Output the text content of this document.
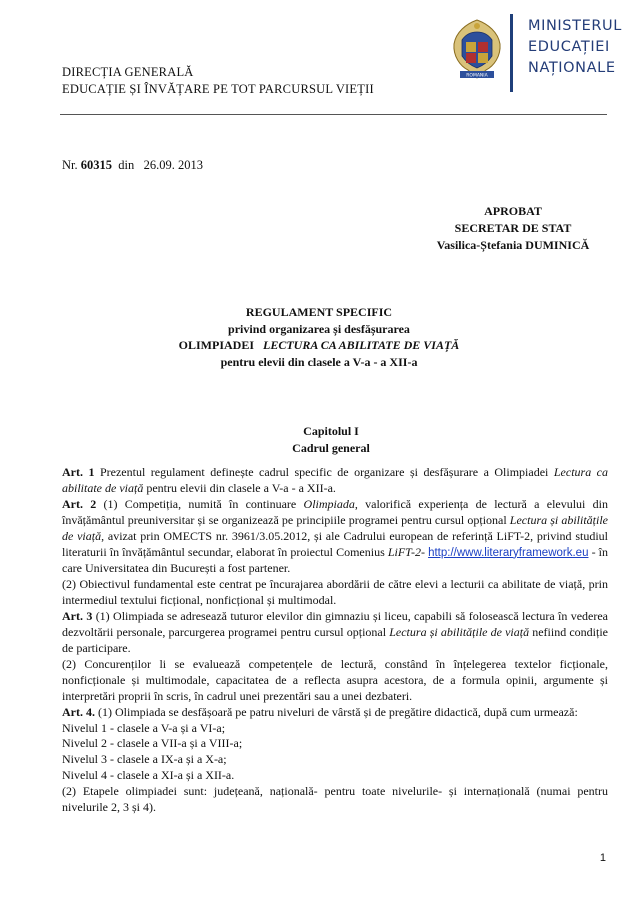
DIRECȚIA GENERALĂ
EDUCAȚIE ȘI ÎNVĂȚARE PE TOT PARCURSUL VIEȚII
ROMANIA
MINISTERUL
EDUCAȚIEI
NAȚIONALE
Nr. 60315 din 26.09. 2013
APROBAT
SECRETAR DE STAT
Vasilica-Ștefania DUMINICĂ
REGULAMENT SPECIFIC
privind organizarea și desfășurarea
OLIMPIADEI LECTURA CA ABILITATE DE VIAȚĂ
pentru elevii din clasele a V-a - a XII-a
Capitolul I
Cadrul general

Art. 1 Prezentul regulament definește cadrul specific de organizare și desfășurare a Olimpiadei Lectura ca abilitate de viață pentru elevii din clasele a V-a - a XII-a.

Art. 2 (1) Competiția, numită în continuare Olimpiada, valorifică experiența de lectură a elevului din învățământul preuniversitar și se organizează pe principiile programei pentru cursul opțional Lectura și abilitățile de viață, avizat prin OMECTS nr. 3961/3.05.2012, și ale Cadrului european de referință LiFT-2, privind studiul literaturii în învățământul secundar, elaborat în proiectul Comenius LiFT-2- http://www.literaryframework.eu - în care Universitatea din București a fost partener.

(2) Obiectivul fundamental este centrat pe încurajarea abordării de către elevi a lecturii ca abilitate de viață, prin intermediul textului ficțional, nonficțional și multimodal.

Art. 3 (1) Olimpiada se adresează tuturor elevilor din gimnaziu și liceu, capabili să folosească lectura în vederea dezvoltării personale, parcurgerea programei pentru cursul opțional Lectura și abilitățile de viață nefiind condiție de participare.

(2) Concurenților li se evaluează competențele de lectură, constând în înțelegerea textelor ficționale, nonficționale și multimodale, capacitatea de a reflecta asupra acestora, de a formula opinii, argumente și interpretări proprii în scris, în cadrul unei prezentări sau a unei dezbateri.

Art. 4. (1) Olimpiada se desfășoară pe patru niveluri de vârstă și de pregătire didactică, după cum urmează:

Nivelul 1 - clasele a V-a și a VI-a;

Nivelul 2 - clasele a VII-a și a VIII-a;

Nivelul 3 - clasele a IX-a și a X-a;

Nivelul 4 - clasele a XI-a și a XII-a.

(2) Etapele olimpiadei sunt: județeană, națională- pentru toate nivelurile- și internațională (numai pentru nivelurile 2, 3 și 4).

1
